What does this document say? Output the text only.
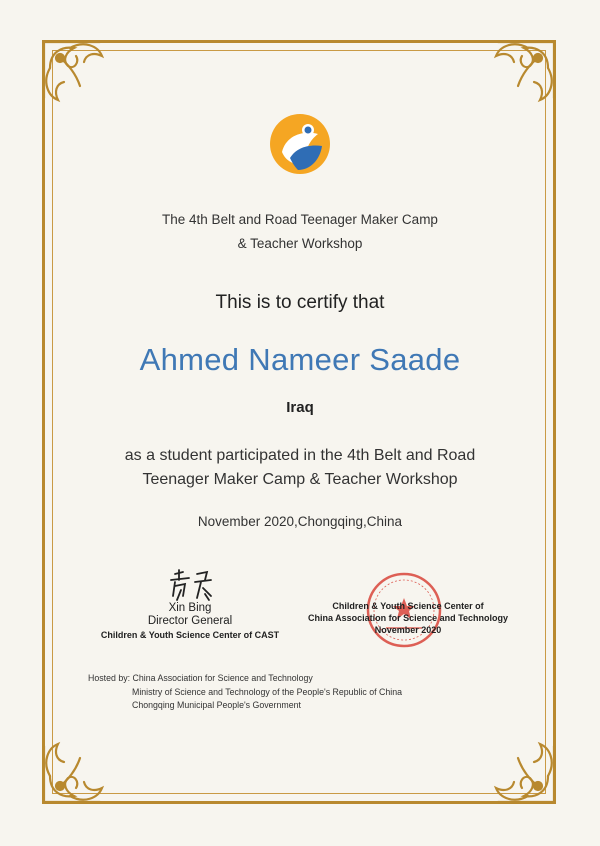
The 4th Belt and Road Teenager Maker Camp
& Teacher Workshop
This is to certify that
Ahmed Nameer Saade
Iraq
as a student participated in the 4th Belt and Road
Teenager Maker Camp & Teacher Workshop
November 2020,Chongqing,China
Xin Bing
Director General
Children & Youth Science Center of CAST
Children & Youth Science Center of
China Association for Science and Technology
November 2020
Hosted by: China Association for Science and Technology
Ministry of Science and Technology of the People's Republic of China
Chongqing Municipal People's Government
